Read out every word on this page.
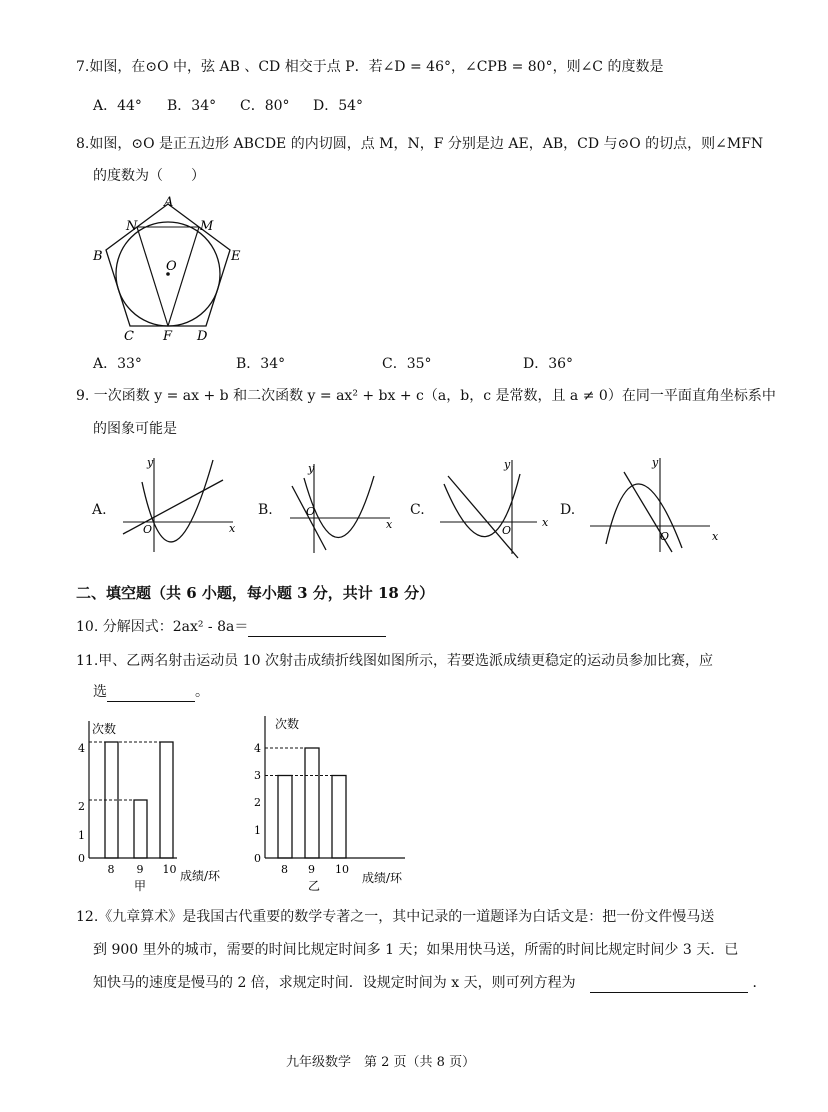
7.如图，在⊙O 中，弦 AB 、CD 相交于点 P．若∠D = 46°，∠CPB = 80°，则∠C 的度数是
A．44° B．34° C．80° D．54°
8.如图，⊙O 是正五边形 ABCDE 的内切圆，点 M，N，F 分别是边 AE，AB，CD 与⊙O 的切点，则∠MFN
的度数为（　　）
A
N	M
B	E
O
C F D
A．33°	B．34°	C．35°	D．36°
9. 一次函数 y = ax + b 和二次函数 y = ax² + bx + c（a，b，c 是常数，且 a ≠ 0）在同一平面直角坐标系中
的图象可能是
A.
x
y
O
B.
x
y
O	C.
x
y
O
D.
x
y
O
二、填空题（共 6 小题，每小题 3 分，共计 18 分）
10. 分解因式：2ax² - 8a＝
11.甲、乙两名射击运动员 10 次射击成绩折线图如图所示，若要选派成绩更稳定的运动员参加比赛，应
选	。
次数
0
1
2
4
8 9 10 成绩/环
甲
次数
0
1
2
3
4
8 9 10
成绩/环
乙
12.《九章算术》是我国古代重要的数学专著之一，其中记录的一道题译为白话文是：把一份文件慢马送
到 900 里外的城市，需要的时间比规定时间多 1 天；如果用快马送，所需的时间比规定时间少 3 天．已
知快马的速度是慢马的 2 倍，求规定时间．设规定时间为 x 天，则可列方程为	．
九年级数学　第 2 页（共 8 页）
